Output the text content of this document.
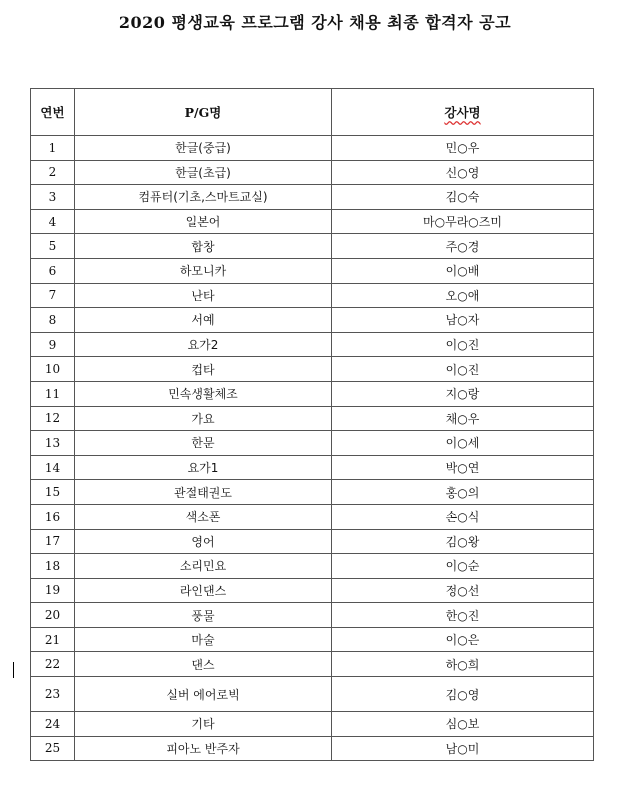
2020 평생교육 프로그램 강사 채용 최종 합격자 공고
연번	P/G명	강사명
1	한글(중급)	민○우
2	한글(초급)	신○영
3	컴퓨터(기초,스마트교실)	김○숙
4	일본어	마○무라○즈미
5	합창	주○경
6	하모니카	이○배
7	난타	오○애
8	서예	남○자
9	요가2	이○진
10	컵타	이○진
11	민속생활체조	지○랑
12	가요	채○우
13	한문	이○세
14	요가1	박○연
15	관절태권도	홍○의
16	색소폰	손○식
17	영어	김○왕
18	소리민요	이○순
19	라인댄스	정○선
20	풍물	한○진
21	마술	이○은
22	댄스	하○희
23	실버 에어로빅	김○영
24	기타	심○보
25	피아노 반주자	남○미
